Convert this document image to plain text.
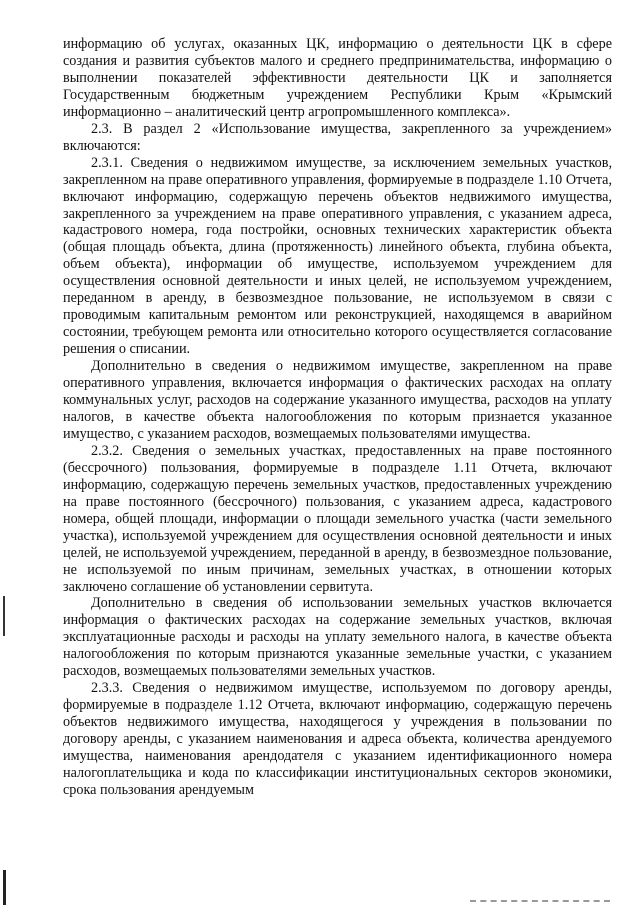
информацию об услугах, оказанных ЦК, информацию о деятельности ЦК в сфере создания и развития субъектов малого и среднего предпринимательства, информацию о выполнении показателей эффективности деятельности ЦК и заполняется Государственным бюджетным учреждением Республики Крым «Крымский информационно – аналитический центр агропромышленного комплекса».

2.3. В раздел 2 «Использование имущества, закрепленного за учреждением» включаются:

2.3.1. Сведения о недвижимом имуществе, за исключением земельных участков, закрепленном на праве оперативного управления, формируемые в подразделе 1.10 Отчета, включают информацию, содержащую перечень объектов недвижимого имущества, закрепленного за учреждением на праве оперативного управления, с указанием адреса, кадастрового номера, года постройки, основных технических характеристик объекта (общая площадь объекта, длина (протяженность) линейного объекта, глубина объекта, объем объекта), информации об имуществе, используемом учреждением для осуществления основной деятельности и иных целей, не используемом учреждением, переданном в аренду, в безвозмездное пользование, не используемом в связи с проводимым капитальным ремонтом или реконструкцией, находящемся в аварийном состоянии, требующем ремонта или относительно которого осуществляется согласование решения о списании.

Дополнительно в сведения о недвижимом имуществе, закрепленном на праве оперативного управления, включается информация о фактических расходах на оплату коммунальных услуг, расходов на содержание указанного имущества, расходов на уплату налогов, в качестве объекта налогообложения по которым признается указанное имущество, с указанием расходов, возмещаемых пользователями имущества.

2.3.2. Сведения о земельных участках, предоставленных на праве постоянного (бессрочного) пользования, формируемые в подразделе 1.11 Отчета, включают информацию, содержащую перечень земельных участков, предоставленных учреждению на праве постоянного (бессрочного) пользования, с указанием адреса, кадастрового номера, общей площади, информации о площади земельного участка (части земельного участка), используемой учреждением для осуществления основной деятельности и иных целей, не используемой учреждением, переданной в аренду, в безвозмездное пользование, не используемой по иным причинам, земельных участках, в отношении которых заключено соглашение об установлении сервитута.

Дополнительно в сведения об использовании земельных участков включается информация о фактических расходах на содержание земельных участков, включая эксплуатационные расходы и расходы на уплату земельного налога, в качестве объекта налогообложения по которым признаются указанные земельные участки, с указанием расходов, возмещаемых пользователями земельных участков.

2.3.3. Сведения о недвижимом имуществе, используемом по договору аренды, формируемые в подразделе 1.12 Отчета, включают информацию, содержащую перечень объектов недвижимого имущества, находящегося у учреждения в пользовании по договору аренды, с указанием наименования и адреса объекта, количества арендуемого имущества, наименования арендодателя с указанием идентификационного номера налогоплательщика и кода по классификации институциональных секторов экономики, срока пользования арендуемым
